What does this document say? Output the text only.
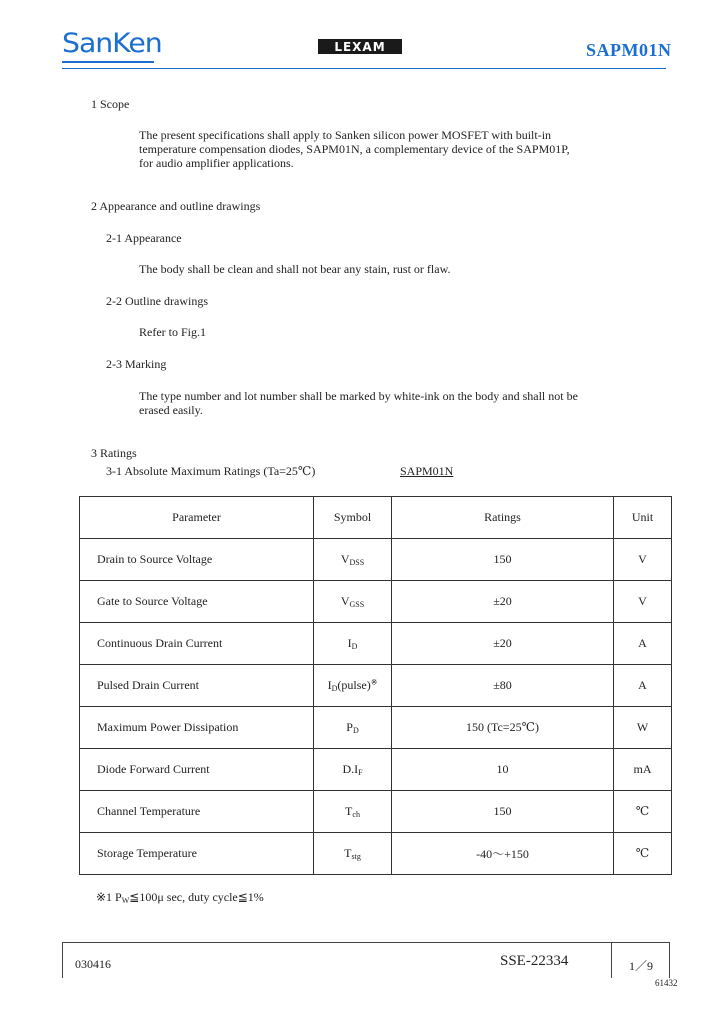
SanKen	LEXAM	SAPM01N
1 Scope
The present specifications shall apply to Sanken silicon power MOSFET with built-in
temperature compensation diodes, SAPM01N, a complementary device of the SAPM01P,
for audio amplifier applications.
2 Appearance and outline drawings
2-1 Appearance
The body shall be clean and shall not bear any stain, rust or flaw.
2-2 Outline drawings
Refer to Fig.1
2-3 Marking
The type number and lot number shall be marked by white-ink on the body and shall not be
erased easily.
3 Ratings
3-1 Absolute Maximum Ratings (Ta=25℃)	SAPM01N
Parameter	Symbol	Ratings	Unit
Drain to Source Voltage	$V_{DSS}$	150	V
Gate to Source Voltage	$V_{GSS}$	±20	V
Continuous Drain Current	$I_D$	±20	A
Pulsed Drain Current	$I_D(pulse)^※$	±80	A
Maximum Power Dissipation	$P_D$	150 (Tc=25℃)	W
Diode Forward Current	$D.I_F$	10	mA
Channel Temperature	$T_{ch}$	150	℃
Storage Temperature	$T_{stg}$	-40～+150	℃
※1 $P_W≦100\mu$ sec, duty cycle≦1%
030416	SSE-22334	1／9
61432
